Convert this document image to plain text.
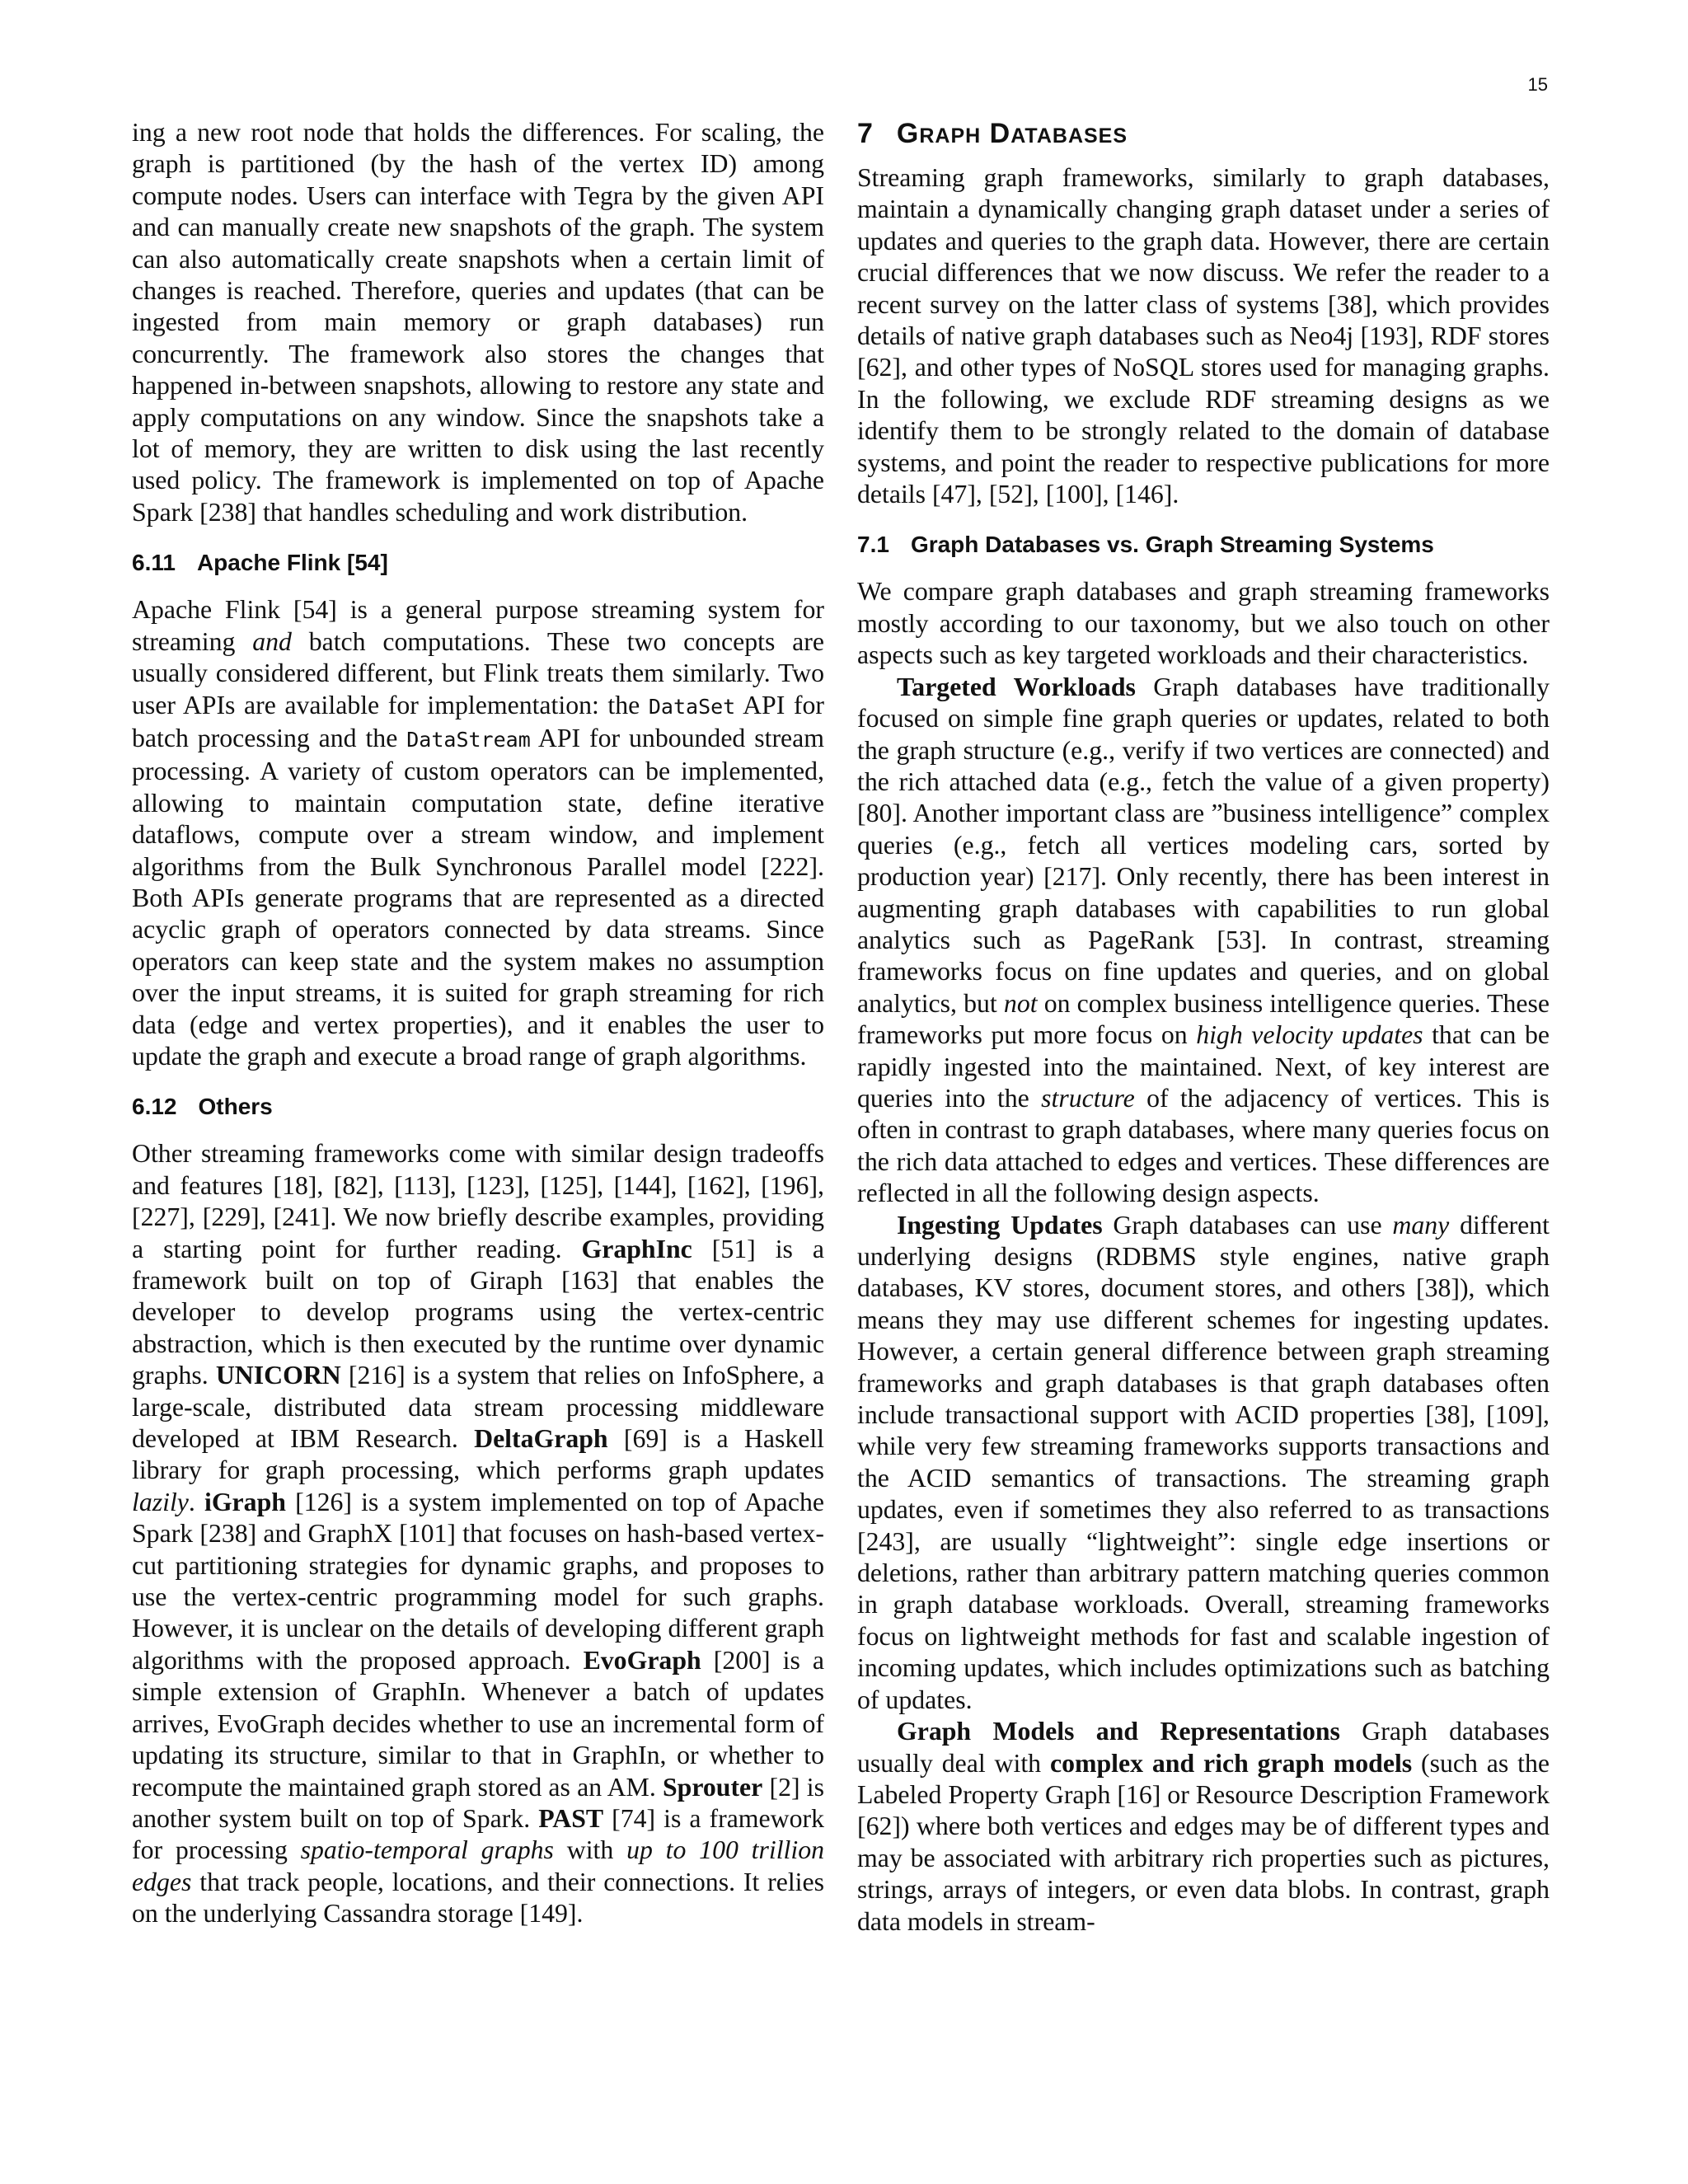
15

ing a new root node that holds the differences. For scaling, the graph is partitioned (by the hash of the vertex ID) among compute nodes. Users can interface with Tegra by the given API and can manually create new snapshots of the graph. The system can also automatically create snapshots when a certain limit of changes is reached. Therefore, queries and updates (that can be ingested from main memory or graph databases) run concurrently. The framework also stores the changes that happened in-between snapshots, allowing to restore any state and apply computations on any window. Since the snapshots take a lot of memory, they are written to disk using the last recently used policy. The framework is implemented on top of Apache Spark [238] that handles scheduling and work distribution.

6.11 Apache Flink [54]

Apache Flink [54] is a general purpose streaming system for streaming and batch computations. These two concepts are usually considered different, but Flink treats them similarly. Two user APIs are available for implementation: the DataSet API for batch processing and the DataStream API for unbounded stream processing. A variety of custom operators can be implemented, allowing to maintain computation state, define iterative dataflows, compute over a stream window, and implement algorithms from the Bulk Synchronous Parallel model [222]. Both APIs generate programs that are represented as a directed acyclic graph of operators connected by data streams. Since operators can keep state and the system makes no assumption over the input streams, it is suited for graph streaming for rich data (edge and vertex properties), and it enables the user to update the graph and execute a broad range of graph algorithms.

6.12 Others

Other streaming frameworks come with similar design tradeoffs and features [18], [82], [113], [123], [125], [144], [162], [196], [227], [229], [241]. We now briefly describe examples, providing a starting point for further reading. GraphInc [51] is a framework built on top of Giraph [163] that enables the developer to develop programs using the vertex-centric abstraction, which is then executed by the runtime over dynamic graphs. UNICORN [216] is a system that relies on InfoSphere, a large-scale, distributed data stream processing middleware developed at IBM Research. DeltaGraph [69] is a Haskell library for graph processing, which performs graph updates lazily. iGraph [126] is a system implemented on top of Apache Spark [238] and GraphX [101] that focuses on hash-based vertex-cut partitioning strategies for dynamic graphs, and proposes to use the vertex-centric programming model for such graphs. However, it is unclear on the details of developing different graph algorithms with the proposed approach. EvoGraph [200] is a simple extension of GraphIn. Whenever a batch of updates arrives, EvoGraph decides whether to use an incremental form of updating its structure, similar to that in GraphIn, or whether to recompute the maintained graph stored as an AM. Sprouter [2] is another system built on top of Spark. PAST [74] is a framework for processing spatio-temporal graphs with up to 100 trillion edges that track people, locations, and their connections. It relies on the underlying Cassandra storage [149].

7 GRAPH DATABASES

Streaming graph frameworks, similarly to graph databases, maintain a dynamically changing graph dataset under a series of updates and queries to the graph data. However, there are certain crucial differences that we now discuss. We refer the reader to a recent survey on the latter class of systems [38], which provides details of native graph databases such as Neo4j [193], RDF stores [62], and other types of NoSQL stores used for managing graphs. In the following, we exclude RDF streaming designs as we identify them to be strongly related to the domain of database systems, and point the reader to respective publications for more details [47], [52], [100], [146].

7.1 Graph Databases vs. Graph Streaming Systems

We compare graph databases and graph streaming frameworks mostly according to our taxonomy, but we also touch on other aspects such as key targeted workloads and their characteristics.

Targeted Workloads Graph databases have traditionally focused on simple fine graph queries or updates, related to both the graph structure (e.g., verify if two vertices are connected) and the rich attached data (e.g., fetch the value of a given property) [80]. Another important class are ”business intelligence” complex queries (e.g., fetch all vertices modeling cars, sorted by production year) [217]. Only recently, there has been interest in augmenting graph databases with capabilities to run global analytics such as PageRank [53]. In contrast, streaming frameworks focus on fine updates and queries, and on global analytics, but not on complex business intelligence queries. These frameworks put more focus on high velocity updates that can be rapidly ingested into the maintained. Next, of key interest are queries into the structure of the adjacency of vertices. This is often in contrast to graph databases, where many queries focus on the rich data attached to edges and vertices. These differences are reflected in all the following design aspects.

Ingesting Updates Graph databases can use many different underlying designs (RDBMS style engines, native graph databases, KV stores, document stores, and others [38]), which means they may use different schemes for ingesting updates. However, a certain general difference between graph streaming frameworks and graph databases is that graph databases often include transactional support with ACID properties [38], [109], while very few streaming frameworks supports transactions and the ACID semantics of transactions. The streaming graph updates, even if sometimes they also referred to as transactions [243], are usually “lightweight”: single edge insertions or deletions, rather than arbitrary pattern matching queries common in graph database workloads. Overall, streaming frameworks focus on lightweight methods for fast and scalable ingestion of incoming updates, which includes optimizations such as batching of updates.

Graph Models and Representations Graph databases usually deal with complex and rich graph models (such as the Labeled Property Graph [16] or Resource Description Framework [62]) where both vertices and edges may be of different types and may be associated with arbitrary rich properties such as pictures, strings, arrays of integers, or even data blobs. In contrast, graph data models in stream-
